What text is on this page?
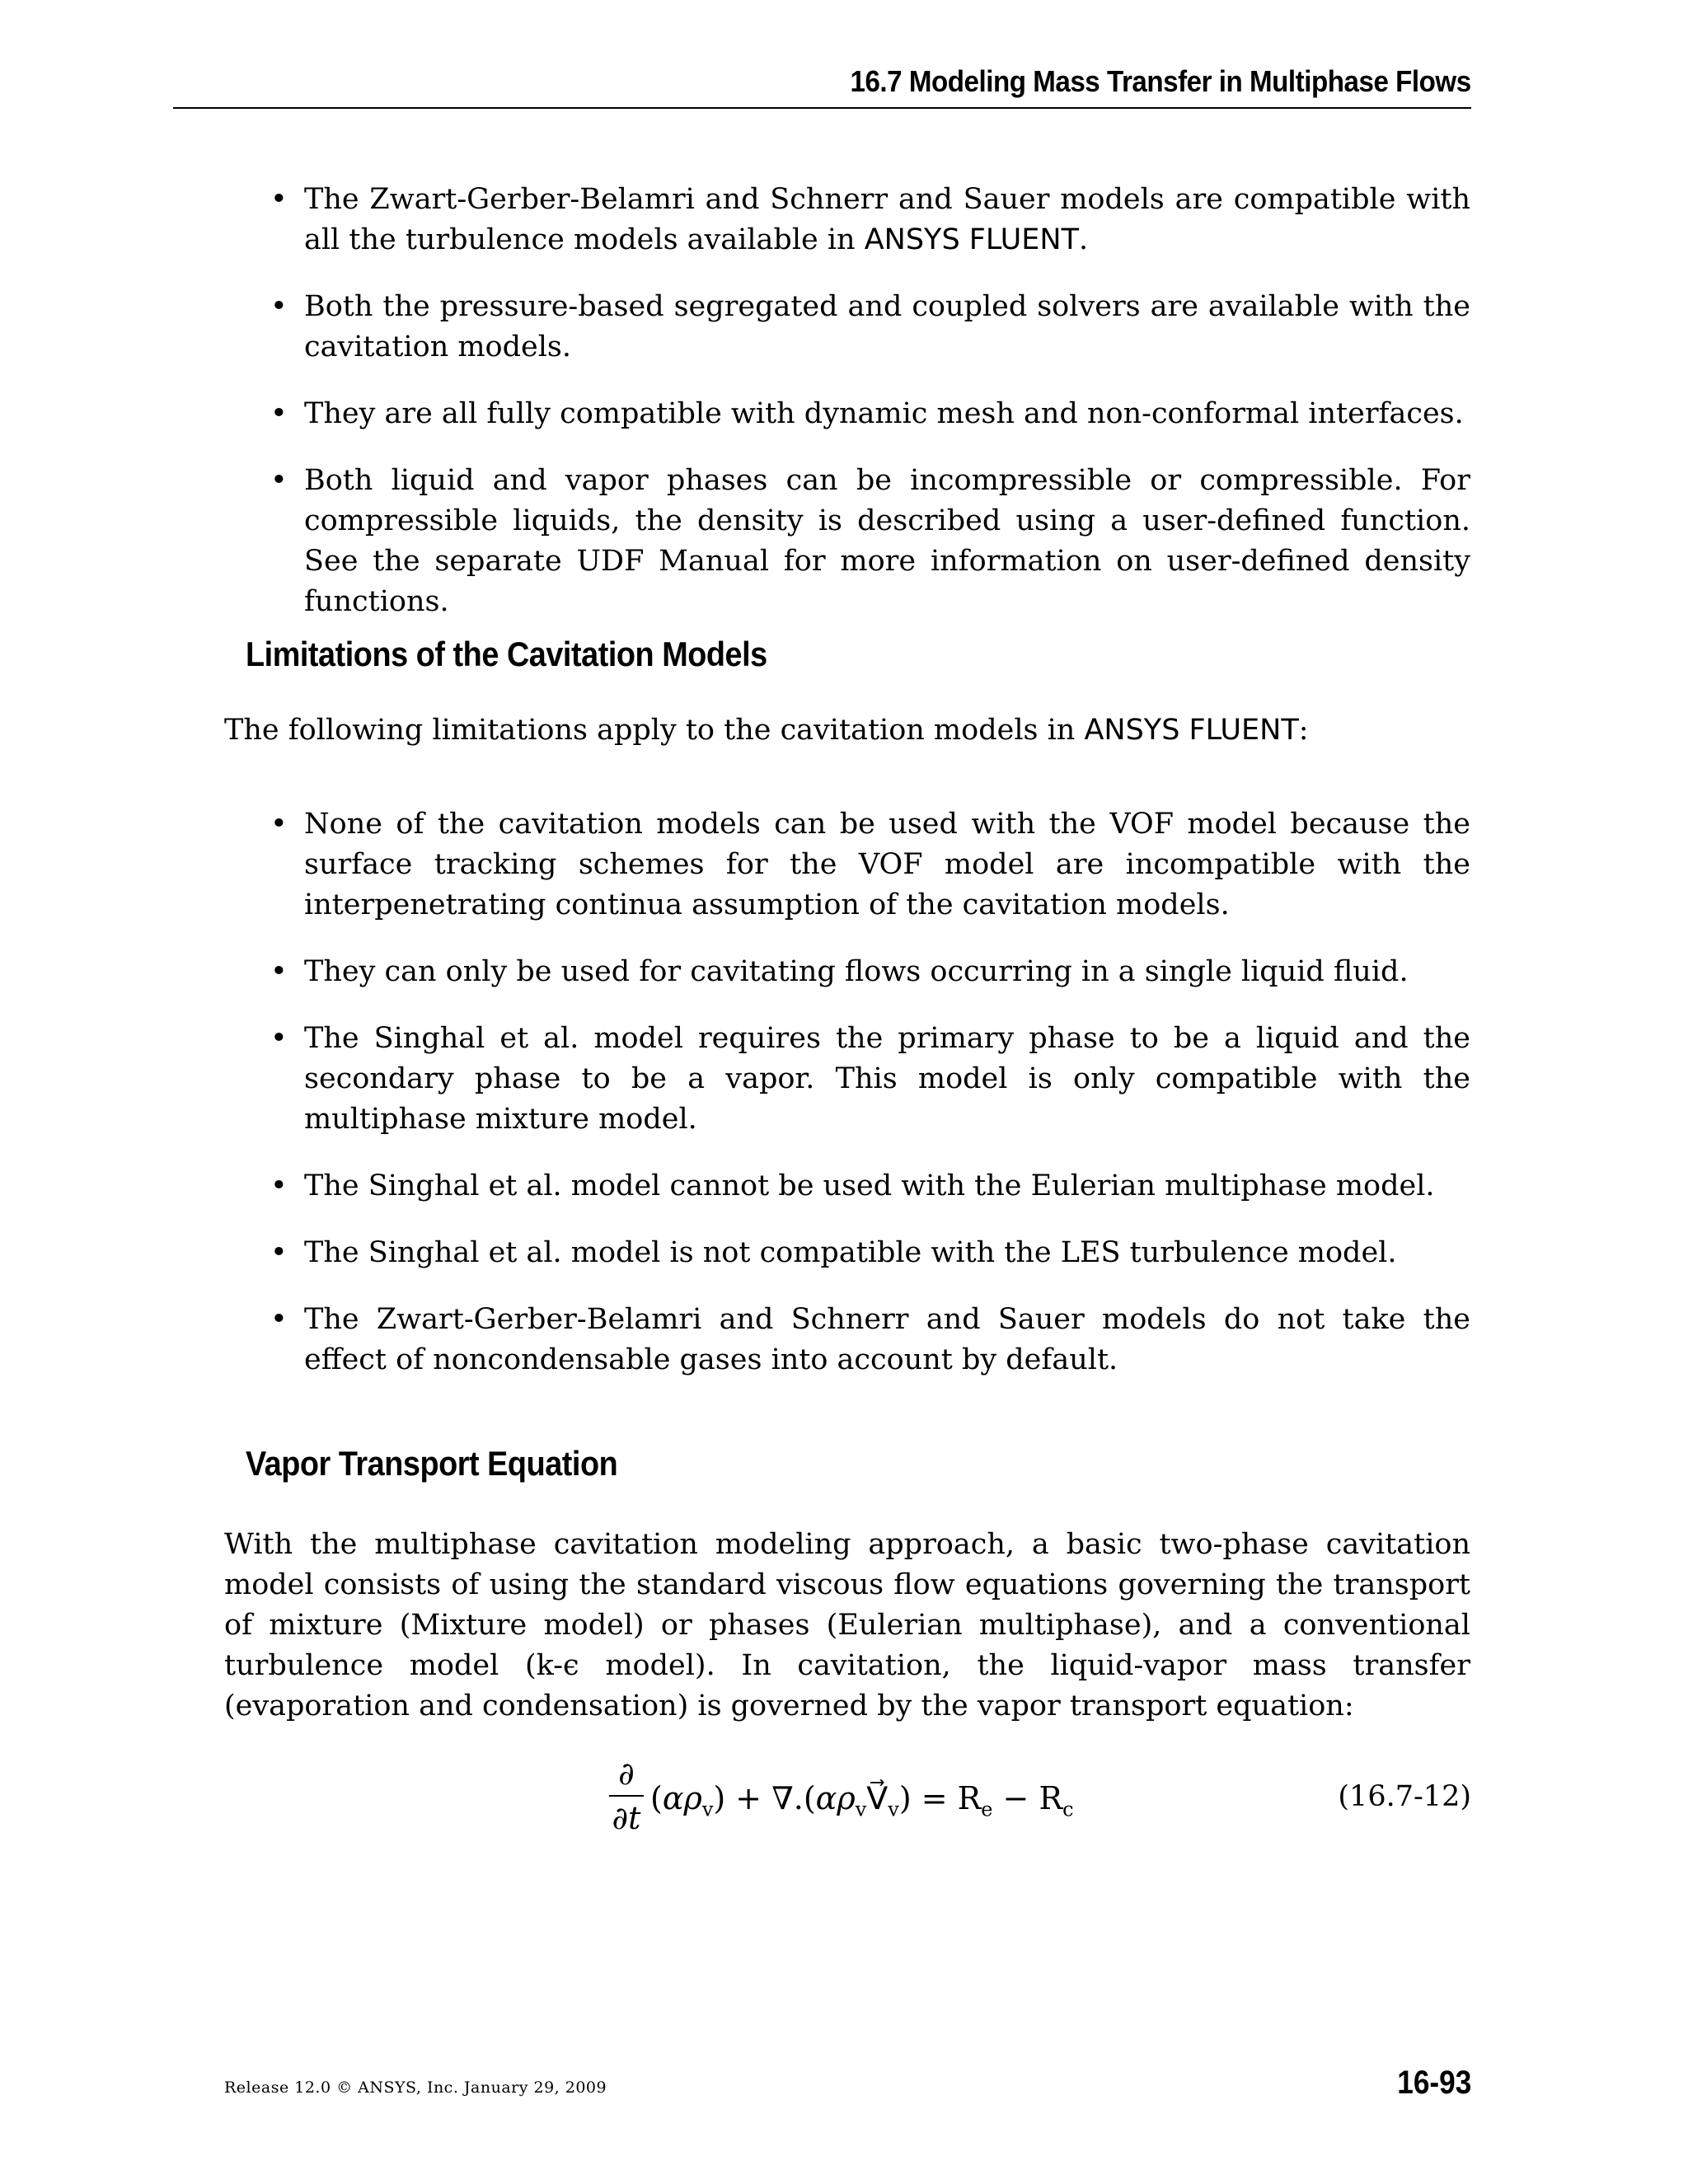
16.7 Modeling Mass Transfer in Multiphase Flows
• The Zwart-Gerber-Belamri and Schnerr and Sauer models are compatible with all the turbulence models available in ANSYS FLUENT.
• Both the pressure-based segregated and coupled solvers are available with the cavitation models.
• They are all fully compatible with dynamic mesh and non-conformal interfaces.
• Both liquid and vapor phases can be incompressible or compressible. For compressible liquids, the density is described using a user-defined function. See the separate UDF Manual for more information on user-defined density functions.
Limitations of the Cavitation Models
The following limitations apply to the cavitation models in ANSYS FLUENT:
• None of the cavitation models can be used with the VOF model because the surface tracking schemes for the VOF model are incompatible with the interpenetrating continua assumption of the cavitation models.
• They can only be used for cavitating flows occurring in a single liquid fluid.
• The Singhal et al. model requires the primary phase to be a liquid and the secondary phase to be a vapor. This model is only compatible with the multiphase mixture model.
• The Singhal et al. model cannot be used with the Eulerian multiphase model.
• The Singhal et al. model is not compatible with the LES turbulence model.
• The Zwart-Gerber-Belamri and Schnerr and Sauer models do not take the effect of noncondensable gases into account by default.
Vapor Transport Equation
With the multiphase cavitation modeling approach, a basic two-phase cavitation model consists of using the standard viscous flow equations governing the transport of mixture (Mixture model) or phases (Eulerian multiphase), and a conventional turbulence model (k-ϵ model). In cavitation, the liquid-vapor mass transfer (evaporation and condensation) is governed by the vapor transport equation:
∂
∂t
$(\alpha\rho_v)$ + $\nabla.(\alpha\rho_vV⃗_v) = R_e - R_c$	(16.7-12)
Release 12.0 © ANSYS, Inc. January 29, 2009	16-93
